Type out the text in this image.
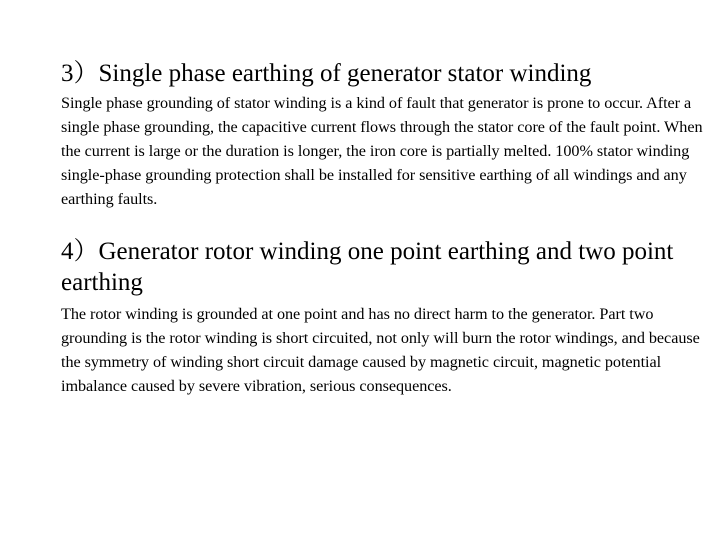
3）Single phase earthing of generator stator winding

Single phase grounding of stator winding is a kind of fault that generator is prone to occur. After a single phase grounding, the capacitive current flows through the stator core of the fault point. When the current is large or the duration is longer, the iron core is partially melted. 100% stator winding single-phase grounding protection shall be installed for sensitive earthing of all windings and any earthing faults.

4）Generator rotor winding one point earthing and two point earthing

The rotor winding is grounded at one point and has no direct harm to the generator. Part two grounding is the rotor winding is short circuited, not only will burn the rotor windings, and because the symmetry of winding short circuit damage caused by magnetic circuit, magnetic potential imbalance caused by severe vibration, serious consequences.
